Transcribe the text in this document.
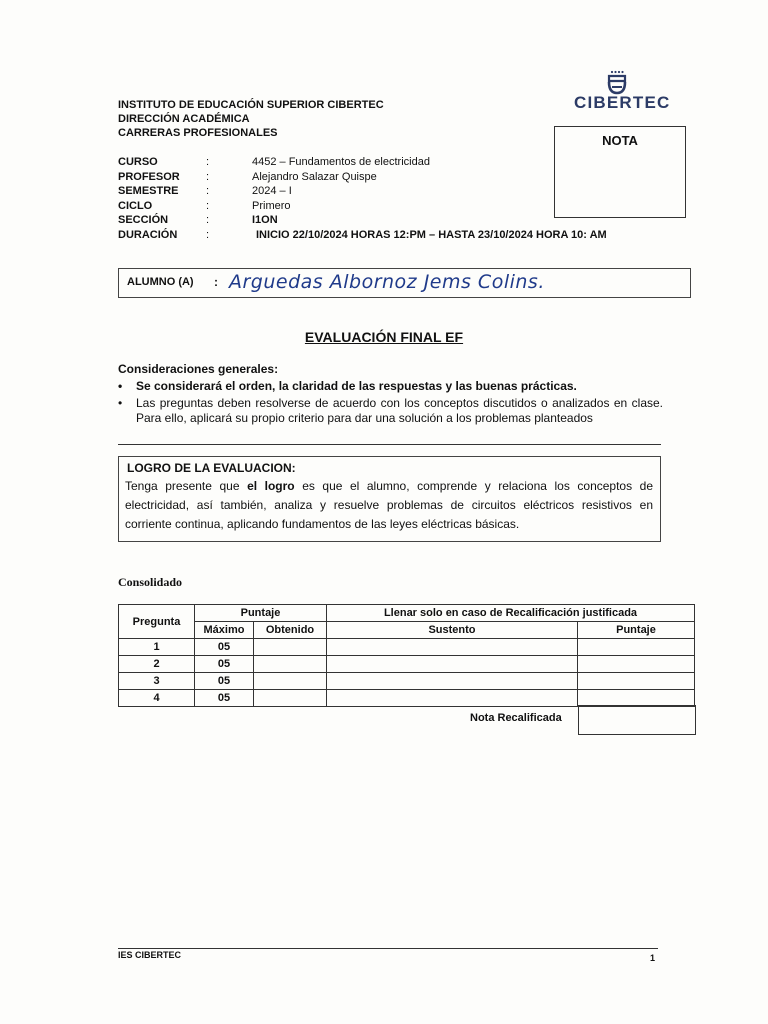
INSTITUTO DE EDUCACIÓN SUPERIOR CIBERTEC
DIRECCIÓN ACADÉMICA
CARRERAS PROFESIONALES
CIBERTEC
NOTA
CURSO	:	4452 – Fundamentos de electricidad
PROFESOR :	Alejandro Salazar Quispe
SEMESTRE :	2024 – I
CICLO	:	Primero
SECCIÓN	:	I1ON
DURACIÓN	:	INICIO 22/10/2024 HORAS 12:PM – HASTA 23/10/2024 HORA 10: AM
ALUMNO (A) : Arguedas Albornoz Jems Colins.
EVALUACIÓN FINAL EF
Consideraciones generales:
• Se considerará el orden, la claridad de las respuestas y las buenas prácticas.
• Las preguntas deben resolverse de acuerdo con los conceptos discutidos o analizados en clase. Para ello, aplicará su propio criterio para dar una solución a los problemas planteados
LOGRO DE LA EVALUACION:
Tenga presente que el logro es que el alumno, comprende y relaciona los conceptos de electricidad, así también, analiza y resuelve problemas de circuitos eléctricos resistivos en corriente continua, aplicando fundamentos de las leyes eléctricas básicas.
Consolidado
Pregunta	Puntaje		Llenar solo en caso de Recalificación justificada	
	Máximo	Obtenido	Sustento	Puntaje
1	05			
2	05			
3	05			
4	05			
Nota Recalificada
IES CIBERTEC	1
